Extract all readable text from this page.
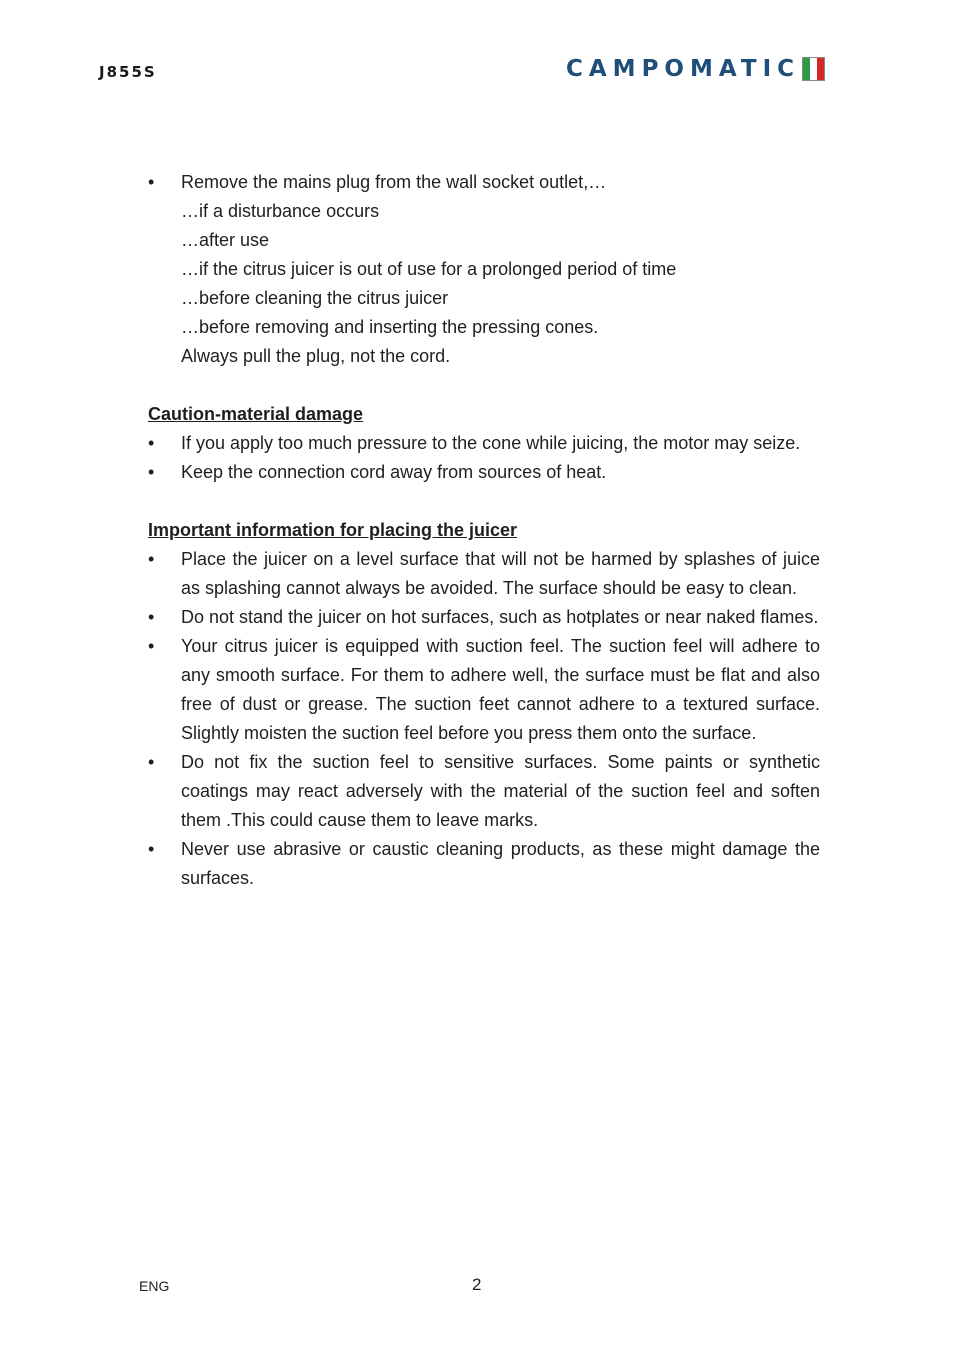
J855S	CAMPOMATIC
•	Remove the mains plug from the wall socket outlet,…
…if a disturbance occurs
…after use
…if the citrus juicer is out of use for a prolonged period of time
…before cleaning the citrus juicer
…before removing and inserting the pressing cones.
Always pull the plug, not the cord.
Caution-material damage
•	If you apply too much pressure to the cone while juicing, the motor may seize.
•	Keep the connection cord away from sources of heat.
Important information for placing the juicer
•	Place the juicer on a level surface that will not be harmed by splashes of juice as splashing cannot always be avoided. The surface should be easy to clean.
•	Do not stand the juicer on hot surfaces, such as hotplates or near naked flames.
•	Your citrus juicer is equipped with suction feel. The suction feel will adhere to any smooth surface. For them to adhere well, the surface must be flat and also free of dust or grease. The suction feet cannot adhere to a textured surface. Slightly moisten the suction feel before you press them onto the surface.
•	Do not fix the suction feel to sensitive surfaces. Some paints or synthetic coatings may react adversely with the material of the suction feel and soften them .This could cause them to leave marks.
•	Never use abrasive or caustic cleaning products, as these might damage the surfaces.
ENG	2
